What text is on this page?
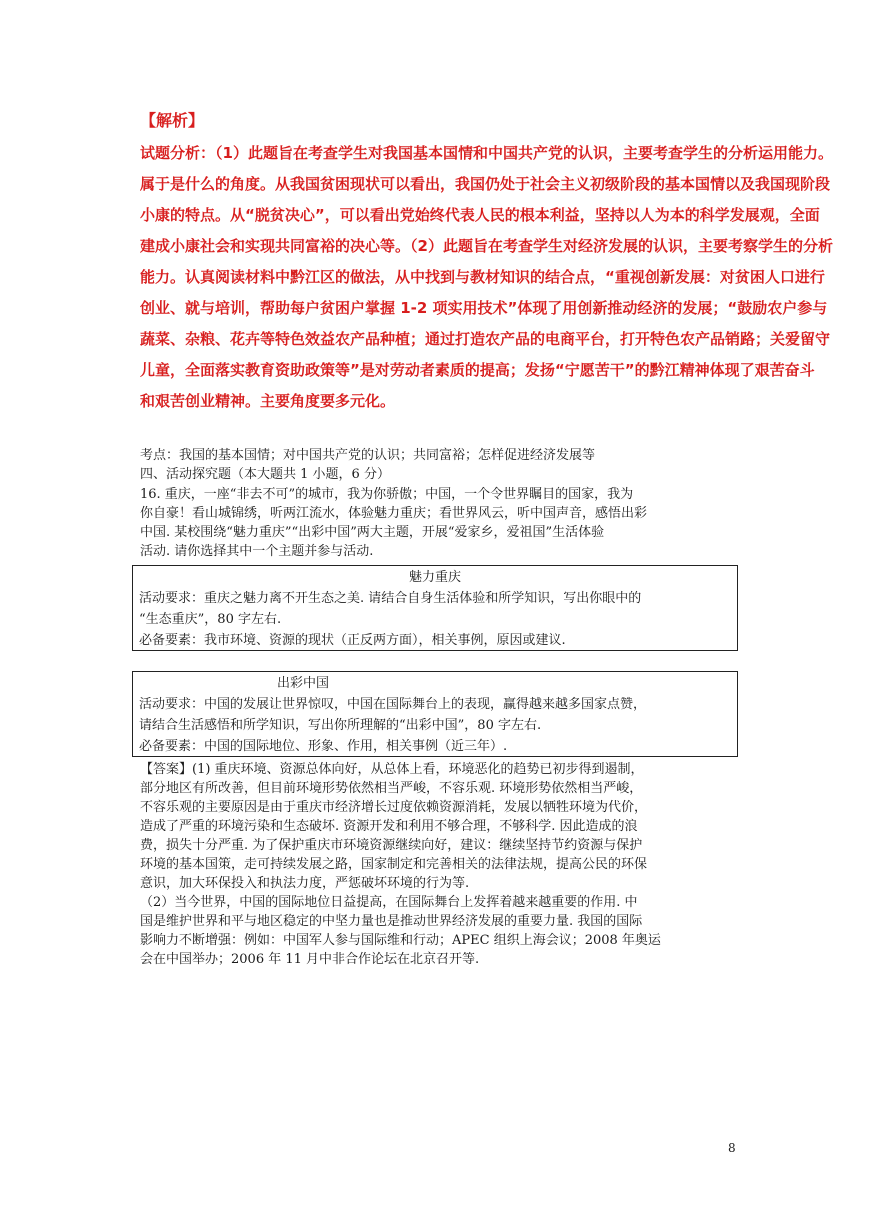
【解析】
试题分析：（1）此题旨在考查学生对我国基本国情和中国共产党的认识，主要考查学生的分析运用能力。
属于是什么的角度。从我国贫困现状可以看出，我国仍处于社会主义初级阶段的基本国情以及我国现阶段
小康的特点。从“脱贫决心”，可以看出党始终代表人民的根本利益，坚持以人为本的科学发展观，全面
建成小康社会和实现共同富裕的决心等。（2）此题旨在考查学生对经济发展的认识，主要考察学生的分析
能力。认真阅读材料中黔江区的做法，从中找到与教材知识的结合点，“重视创新发展：对贫困人口进行
创业、就与培训，帮助每户贫困户掌握 1-2 项实用技术”体现了用创新推动经济的发展；“鼓励农户参与
蔬菜、杂粮、花卉等特色效益农产品种植；通过打造农产品的电商平台，打开特色农产品销路；关爱留守
儿童，全面落实教育资助政策等”是对劳动者素质的提高；发扬“宁愿苦干”的黔江精神体现了艰苦奋斗
和艰苦创业精神。主要角度要多元化。
考点：我国的基本国情；对中国共产党的认识；共同富裕；怎样促进经济发展等
四、活动探究题（本大题共 1 小题，6 分）
16. 重庆，一座“非去不可”的城市，我为你骄傲；中国，一个令世界瞩目的国家，我为
你自豪！看山城锦绣，听两江流水，体验魅力重庆；看世界风云，听中国声音，感悟出彩
中国. 某校围绕“魅力重庆”“出彩中国”两大主题，开展“爱家乡，爱祖国”生活体验
活动. 请你选择其中一个主题并参与活动.
魅力重庆
活动要求：重庆之魅力离不开生态之美. 请结合自身生活体验和所学知识，写出你眼中的
“生态重庆”，80 字左右.
必备要素：我市环境、资源的现状（正反两方面），相关事例，原因或建议.
出彩中国
活动要求：中国的发展让世界惊叹，中国在国际舞台上的表现，赢得越来越多国家点赞，
请结合生活感悟和所学知识，写出你所理解的“出彩中国”，80 字左右.
必备要素：中国的国际地位、形象、作用，相关事例（近三年）.
【答案】(1) 重庆环境、资源总体向好，从总体上看，环境恶化的趋势已初步得到遏制，
部分地区有所改善，但目前环境形势依然相当严峻，不容乐观. 环境形势依然相当严峻，
不容乐观的主要原因是由于重庆市经济增长过度依赖资源消耗，发展以牺牲环境为代价，
造成了严重的环境污染和生态破坏. 资源开发和利用不够合理，不够科学. 因此造成的浪
费，损失十分严重. 为了保护重庆市环境资源继续向好，建议：继续坚持节约资源与保护
环境的基本国策，走可持续发展之路，国家制定和完善相关的法律法规，提高公民的环保
意识，加大环保投入和执法力度，严惩破坏环境的行为等.
（2）当今世界，中国的国际地位日益提高，在国际舞台上发挥着越来越重要的作用. 中
国是维护世界和平与地区稳定的中坚力量也是推动世界经济发展的重要力量. 我国的国际
影响力不断增强：例如：中国军人参与国际维和行动；APEC 组织上海会议；2008 年奥运
会在中国举办；2006 年 11 月中非合作论坛在北京召开等.
8
